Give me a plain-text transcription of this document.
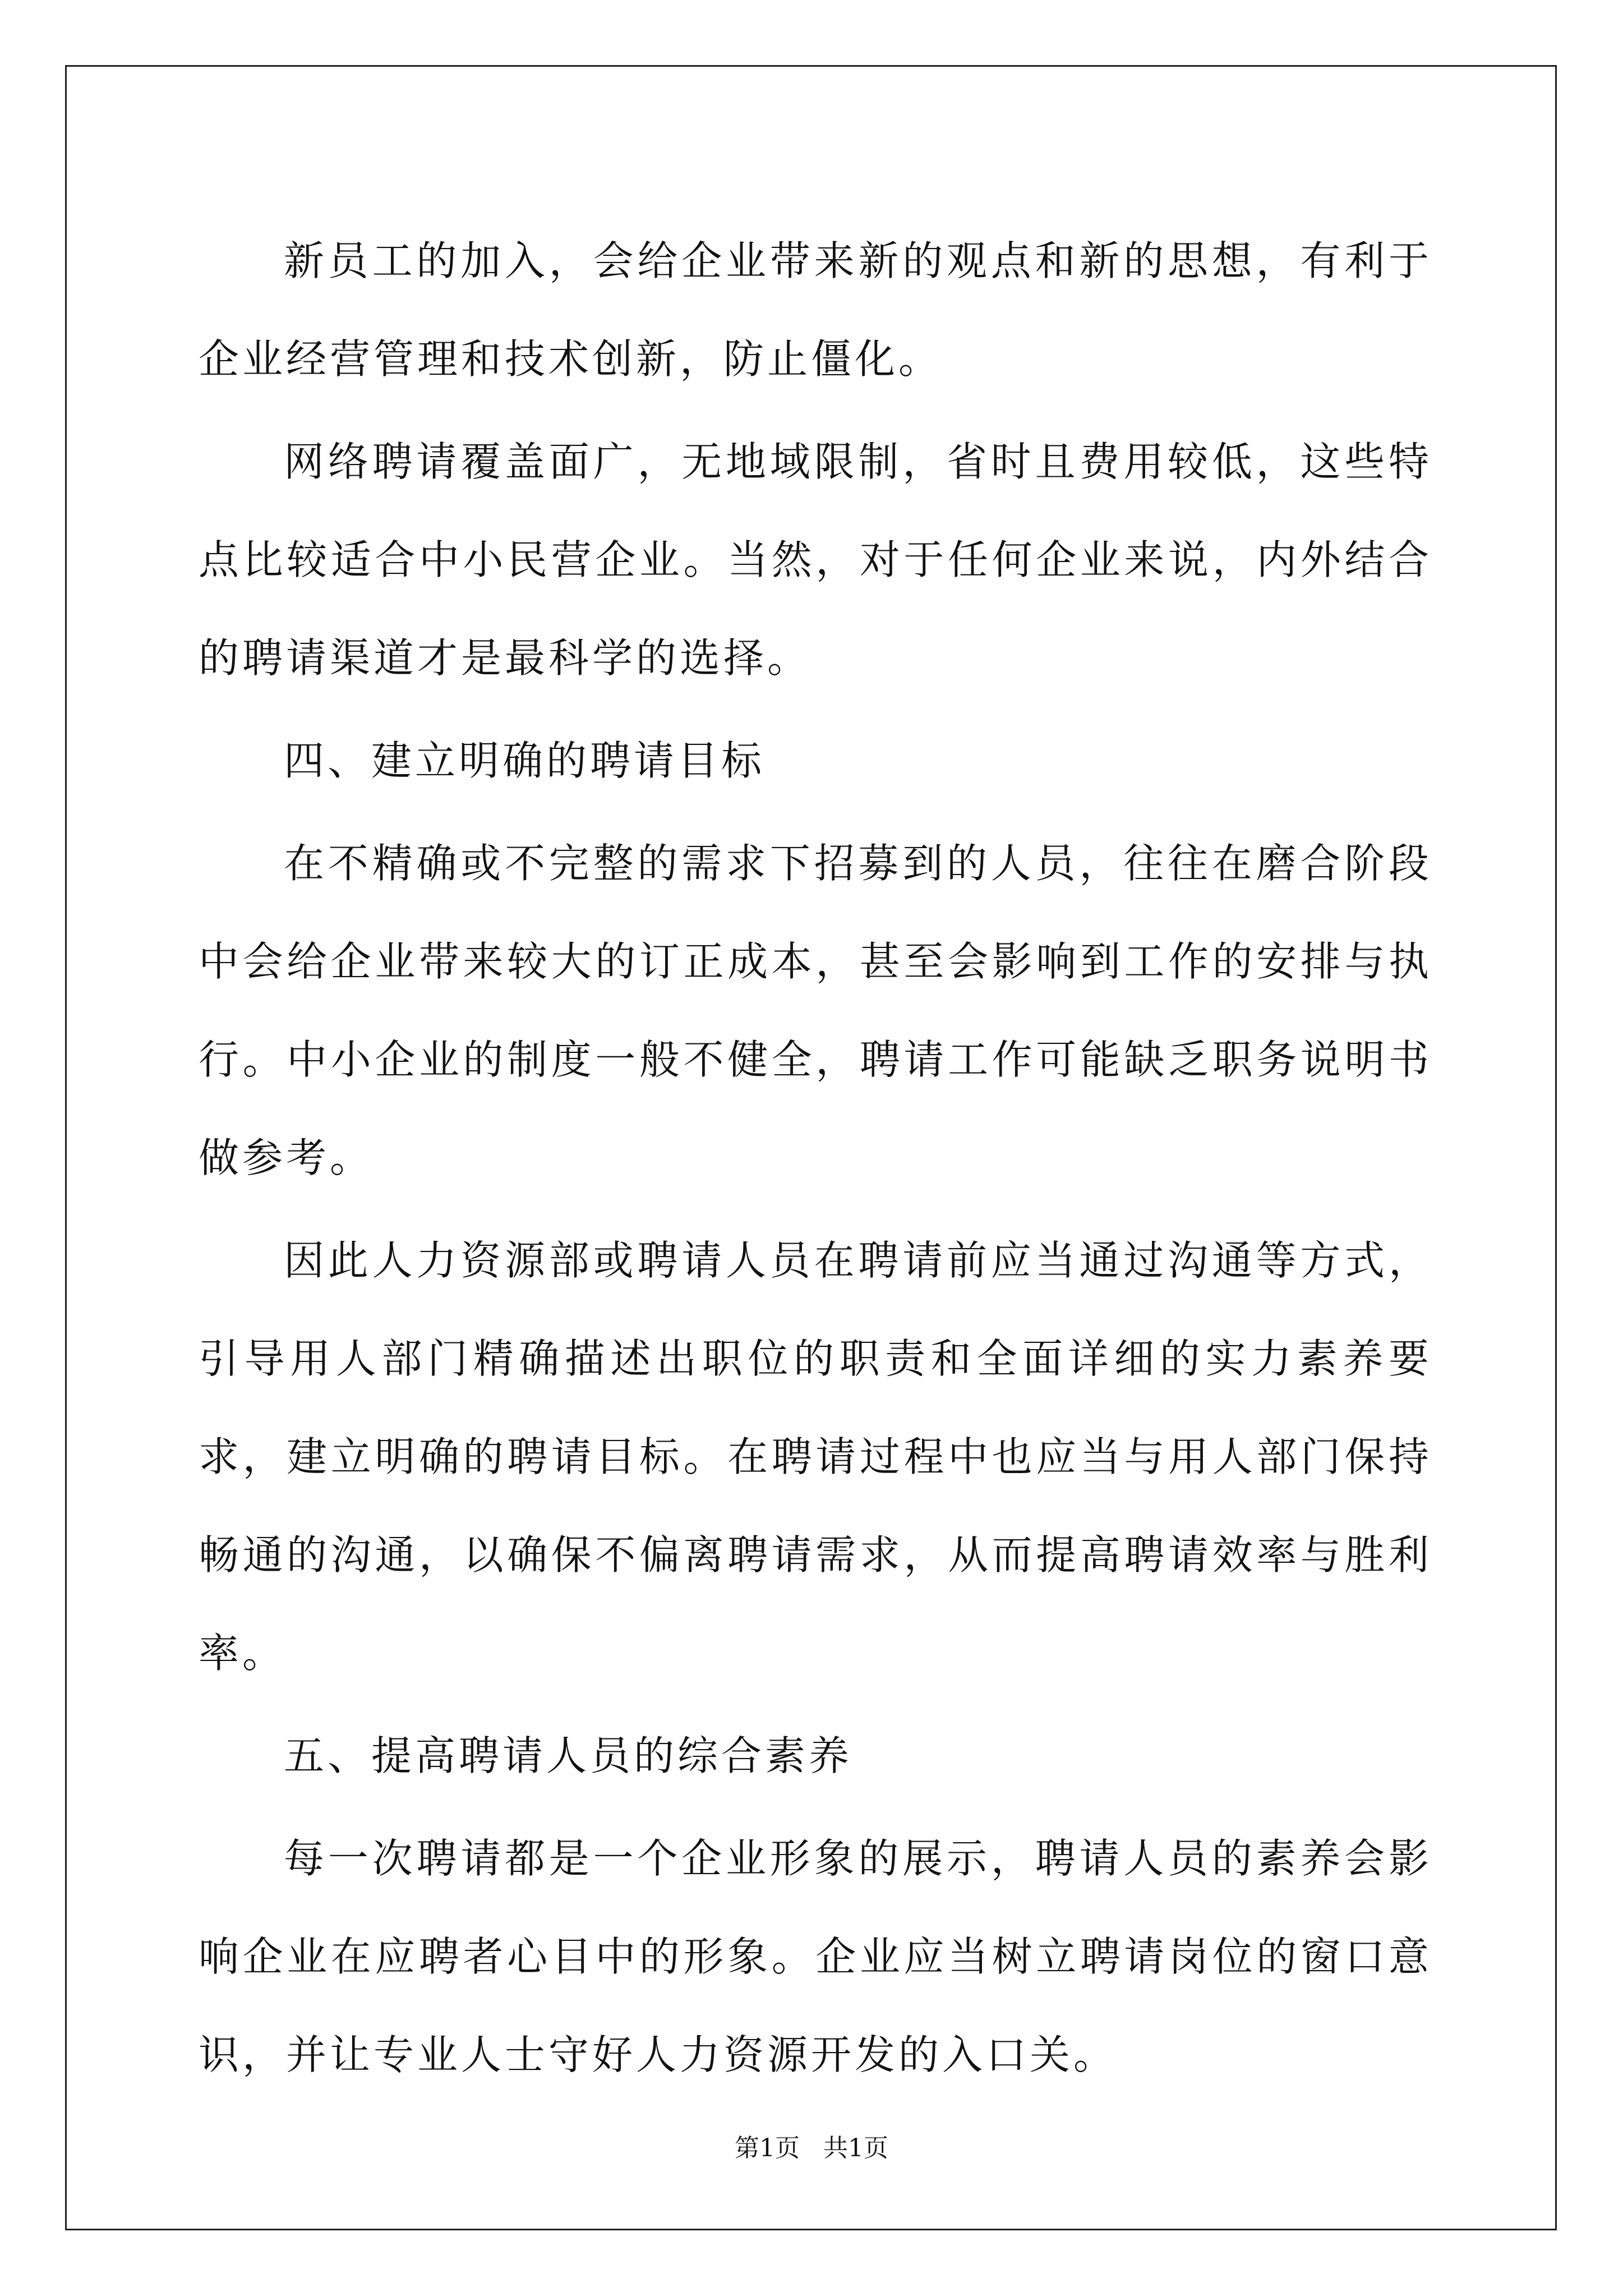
新员工的加入，会给企业带来新的观点和新的思想，有利于企业经营管理和技术创新，防止僵化。

网络聘请覆盖面广，无地域限制，省时且费用较低，这些特点比较适合中小民营企业。当然，对于任何企业来说，内外结合的聘请渠道才是最科学的选择。

四、建立明确的聘请目标

在不精确或不完整的需求下招募到的人员，往往在磨合阶段中会给企业带来较大的订正成本，甚至会影响到工作的安排与执行。中小企业的制度一般不健全，聘请工作可能缺乏职务说明书做参考。

因此人力资源部或聘请人员在聘请前应当通过沟通等方式，引导用人部门精确描述出职位的职责和全面详细的实力素养要求，建立明确的聘请目标。在聘请过程中也应当与用人部门保持畅通的沟通，以确保不偏离聘请需求，从而提高聘请效率与胜利率。

五、提高聘请人员的综合素养

每一次聘请都是一个企业形象的展示，聘请人员的素养会影响企业在应聘者心目中的形象。企业应当树立聘请岗位的窗口意识，并让专业人士守好人力资源开发的入口关。

第1页 共1页
